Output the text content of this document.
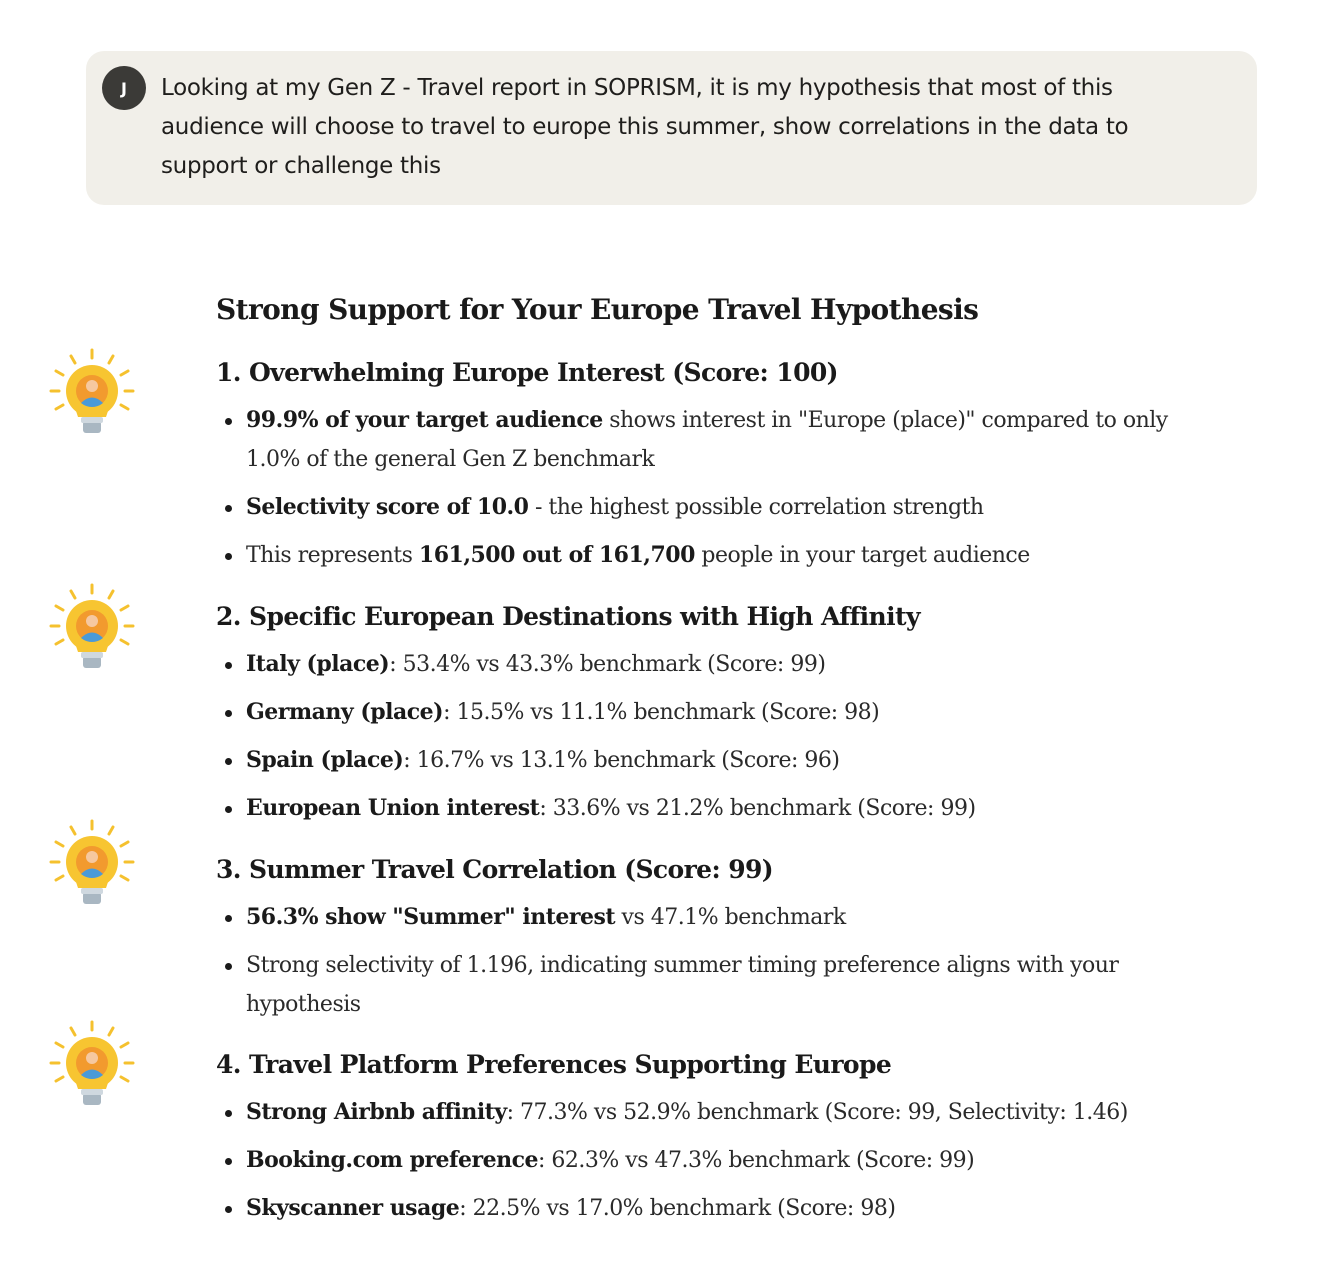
Looking at my Gen Z - Travel report in SOPRISM, it is my hypothesis that most of this audience will choose to travel to europe this summer, show correlations in the data to support or challenge this

J
Strong Support for Your Europe Travel Hypothesis
1. Overwhelming Europe Interest (Score: 100)
99.9% of your target audience shows interest in "Europe (place)" compared to only 1.0% of the general Gen Z benchmark
Selectivity score of 10.0 - the highest possible correlation strength
This represents 161,500 out of 161,700 people in your target audience
2. Specific European Destinations with High Affinity
Italy (place): 53.4% vs 43.3% benchmark (Score: 99)
Germany (place): 15.5% vs 11.1% benchmark (Score: 98)
Spain (place): 16.7% vs 13.1% benchmark (Score: 96)
European Union interest: 33.6% vs 21.2% benchmark (Score: 99)
3. Summer Travel Correlation (Score: 99)
56.3% show "Summer" interest vs 47.1% benchmark
Strong selectivity of 1.196, indicating summer timing preference aligns with your hypothesis
4. Travel Platform Preferences Supporting Europe
Strong Airbnb affinity: 77.3% vs 52.9% benchmark (Score: 99, Selectivity: 1.46)
Booking.com preference: 62.3% vs 47.3% benchmark (Score: 99)
Skyscanner usage: 22.5% vs 17.0% benchmark (Score: 98)
